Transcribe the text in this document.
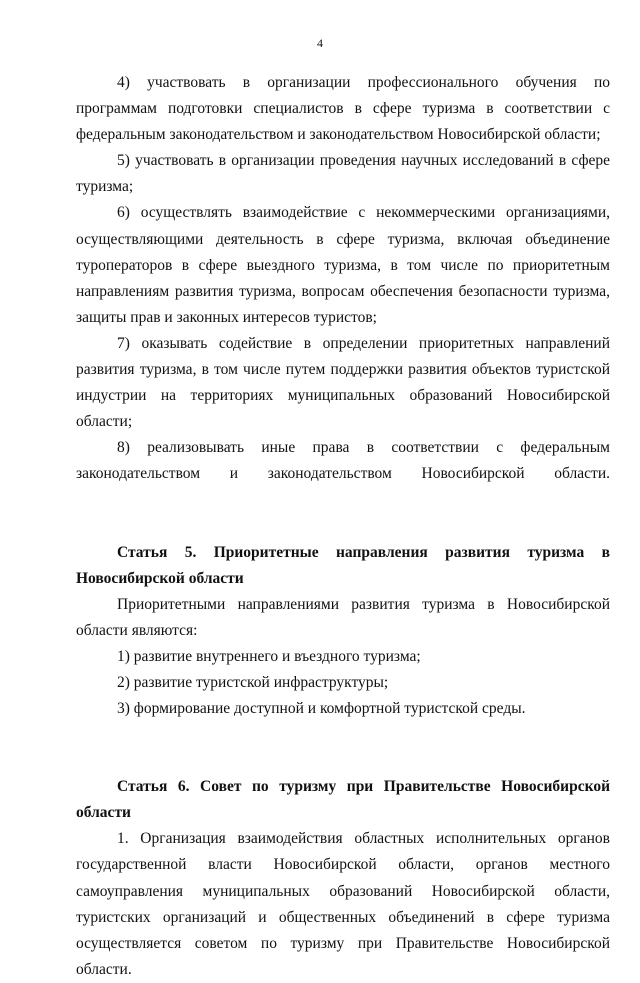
4

4) участвовать в организации профессионального обучения по программам подготовки специалистов в сфере туризма в соответствии с федеральным законодательством и законодательством Новосибирской области;

5) участвовать в организации проведения научных исследований в сфере туризма;

6) осуществлять взаимодействие с некоммерческими организациями, осуществляющими деятельность в сфере туризма, включая объединение туроператоров в сфере выездного туризма, в том числе по приоритетным направлениям развития туризма, вопросам обеспечения безопасности туризма, защиты прав и законных интересов туристов;

7) оказывать содействие в определении приоритетных направлений развития туризма, в том числе путем поддержки развития объектов туристской индустрии на территориях муниципальных образований Новосибирской области;

8) реализовывать иные права в соответствии с федеральным законодательством и законодательством Новосибирской области.

Статья 5. Приоритетные направления развития туризма в Новосибирской области

Приоритетными направлениями развития туризма в Новосибирской области являются:

1) развитие внутреннего и въездного туризма;

2) развитие туристской инфраструктуры;

3) формирование доступной и комфортной туристской среды.

Статья 6. Совет по туризму при Правительстве Новосибирской области

1. Организация взаимодействия областных исполнительных органов государственной власти Новосибирской области, органов местного самоуправления муниципальных образований Новосибирской области, туристских организаций и общественных объединений в сфере туризма осуществляется советом по туризму при Правительстве Новосибирской области.
